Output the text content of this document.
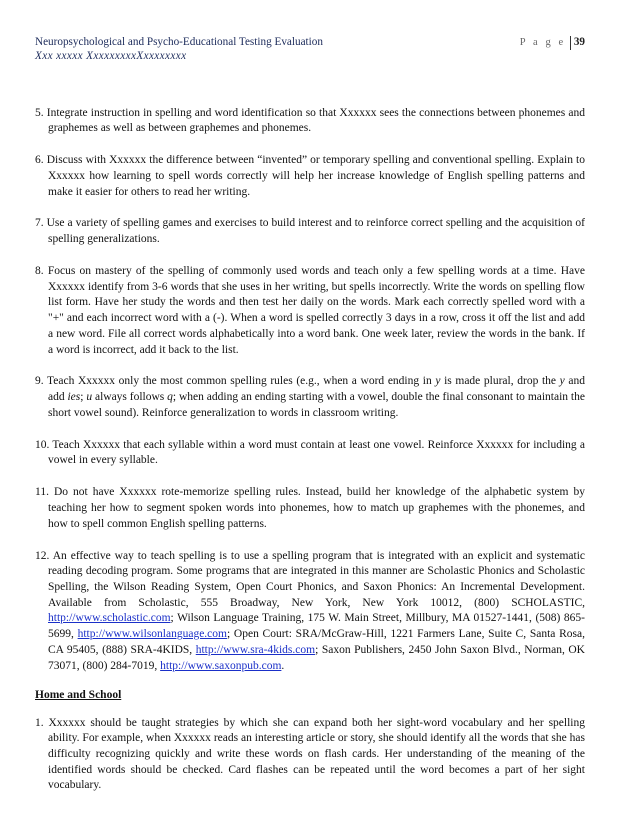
Neuropsychological and Psycho-Educational Testing Evaluation	P a g e 39
Xxx xxxxx XxxxxxxxxXxxxxxxxx

5. Integrate instruction in spelling and word identification so that Xxxxxx sees the connections between phonemes and graphemes as well as between graphemes and phonemes.

6. Discuss with Xxxxxx the difference between “invented” or temporary spelling and conventional spelling. Explain to Xxxxxx how learning to spell words correctly will help her increase knowledge of English spelling patterns and make it easier for others to read her writing.

7. Use a variety of spelling games and exercises to build interest and to reinforce correct spelling and the acquisition of spelling generalizations.

8. Focus on mastery of the spelling of commonly used words and teach only a few spelling words at a time. Have Xxxxxx identify from 3-6 words that she uses in her writing, but spells incorrectly. Write the words on spelling flow list form. Have her study the words and then test her daily on the words. Mark each correctly spelled word with a "+" and each incorrect word with a (-). When a word is spelled correctly 3 days in a row, cross it off the list and add a new word. File all correct words alphabetically into a word bank. One week later, review the words in the bank. If a word is incorrect, add it back to the list.

9. Teach Xxxxxx only the most common spelling rules (e.g., when a word ending in y is made plural, drop the y and add ies; u always follows q; when adding an ending starting with a vowel, double the final consonant to maintain the short vowel sound). Reinforce generalization to words in classroom writing.

10. Teach Xxxxxx that each syllable within a word must contain at least one vowel. Reinforce Xxxxxx for including a vowel in every syllable.

11. Do not have Xxxxxx rote-memorize spelling rules. Instead, build her knowledge of the alphabetic system by teaching her how to segment spoken words into phonemes, how to match up graphemes with the phonemes, and how to spell common English spelling patterns.

12. An effective way to teach spelling is to use a spelling program that is integrated with an explicit and systematic reading decoding program. Some programs that are integrated in this manner are Scholastic Phonics and Scholastic Spelling, the Wilson Reading System, Open Court Phonics, and Saxon Phonics: An Incremental Development. Available from Scholastic, 555 Broadway, New York, New York 10012, (800) SCHOLASTIC, http://www.scholastic.com; Wilson Language Training, 175 W. Main Street, Millbury, MA 01527-1441, (508) 865-5699, http://www.wilsonlanguage.com; Open Court: SRA/McGraw-Hill, 1221 Farmers Lane, Suite C, Santa Rosa, CA 95405, (888) SRA-4KIDS, http://www.sra-4kids.com; Saxon Publishers, 2450 John Saxon Blvd., Norman, OK 73071, (800) 284-7019, http://www.saxonpub.com.

Home and School

1. Xxxxxx should be taught strategies by which she can expand both her sight-word vocabulary and her spelling ability. For example, when Xxxxxx reads an interesting article or story, she should identify all the words that she has difficulty recognizing quickly and write these words on flash cards. Her understanding of the meaning of the identified words should be checked. Card flashes can be repeated until the word becomes a part of her sight vocabulary.
